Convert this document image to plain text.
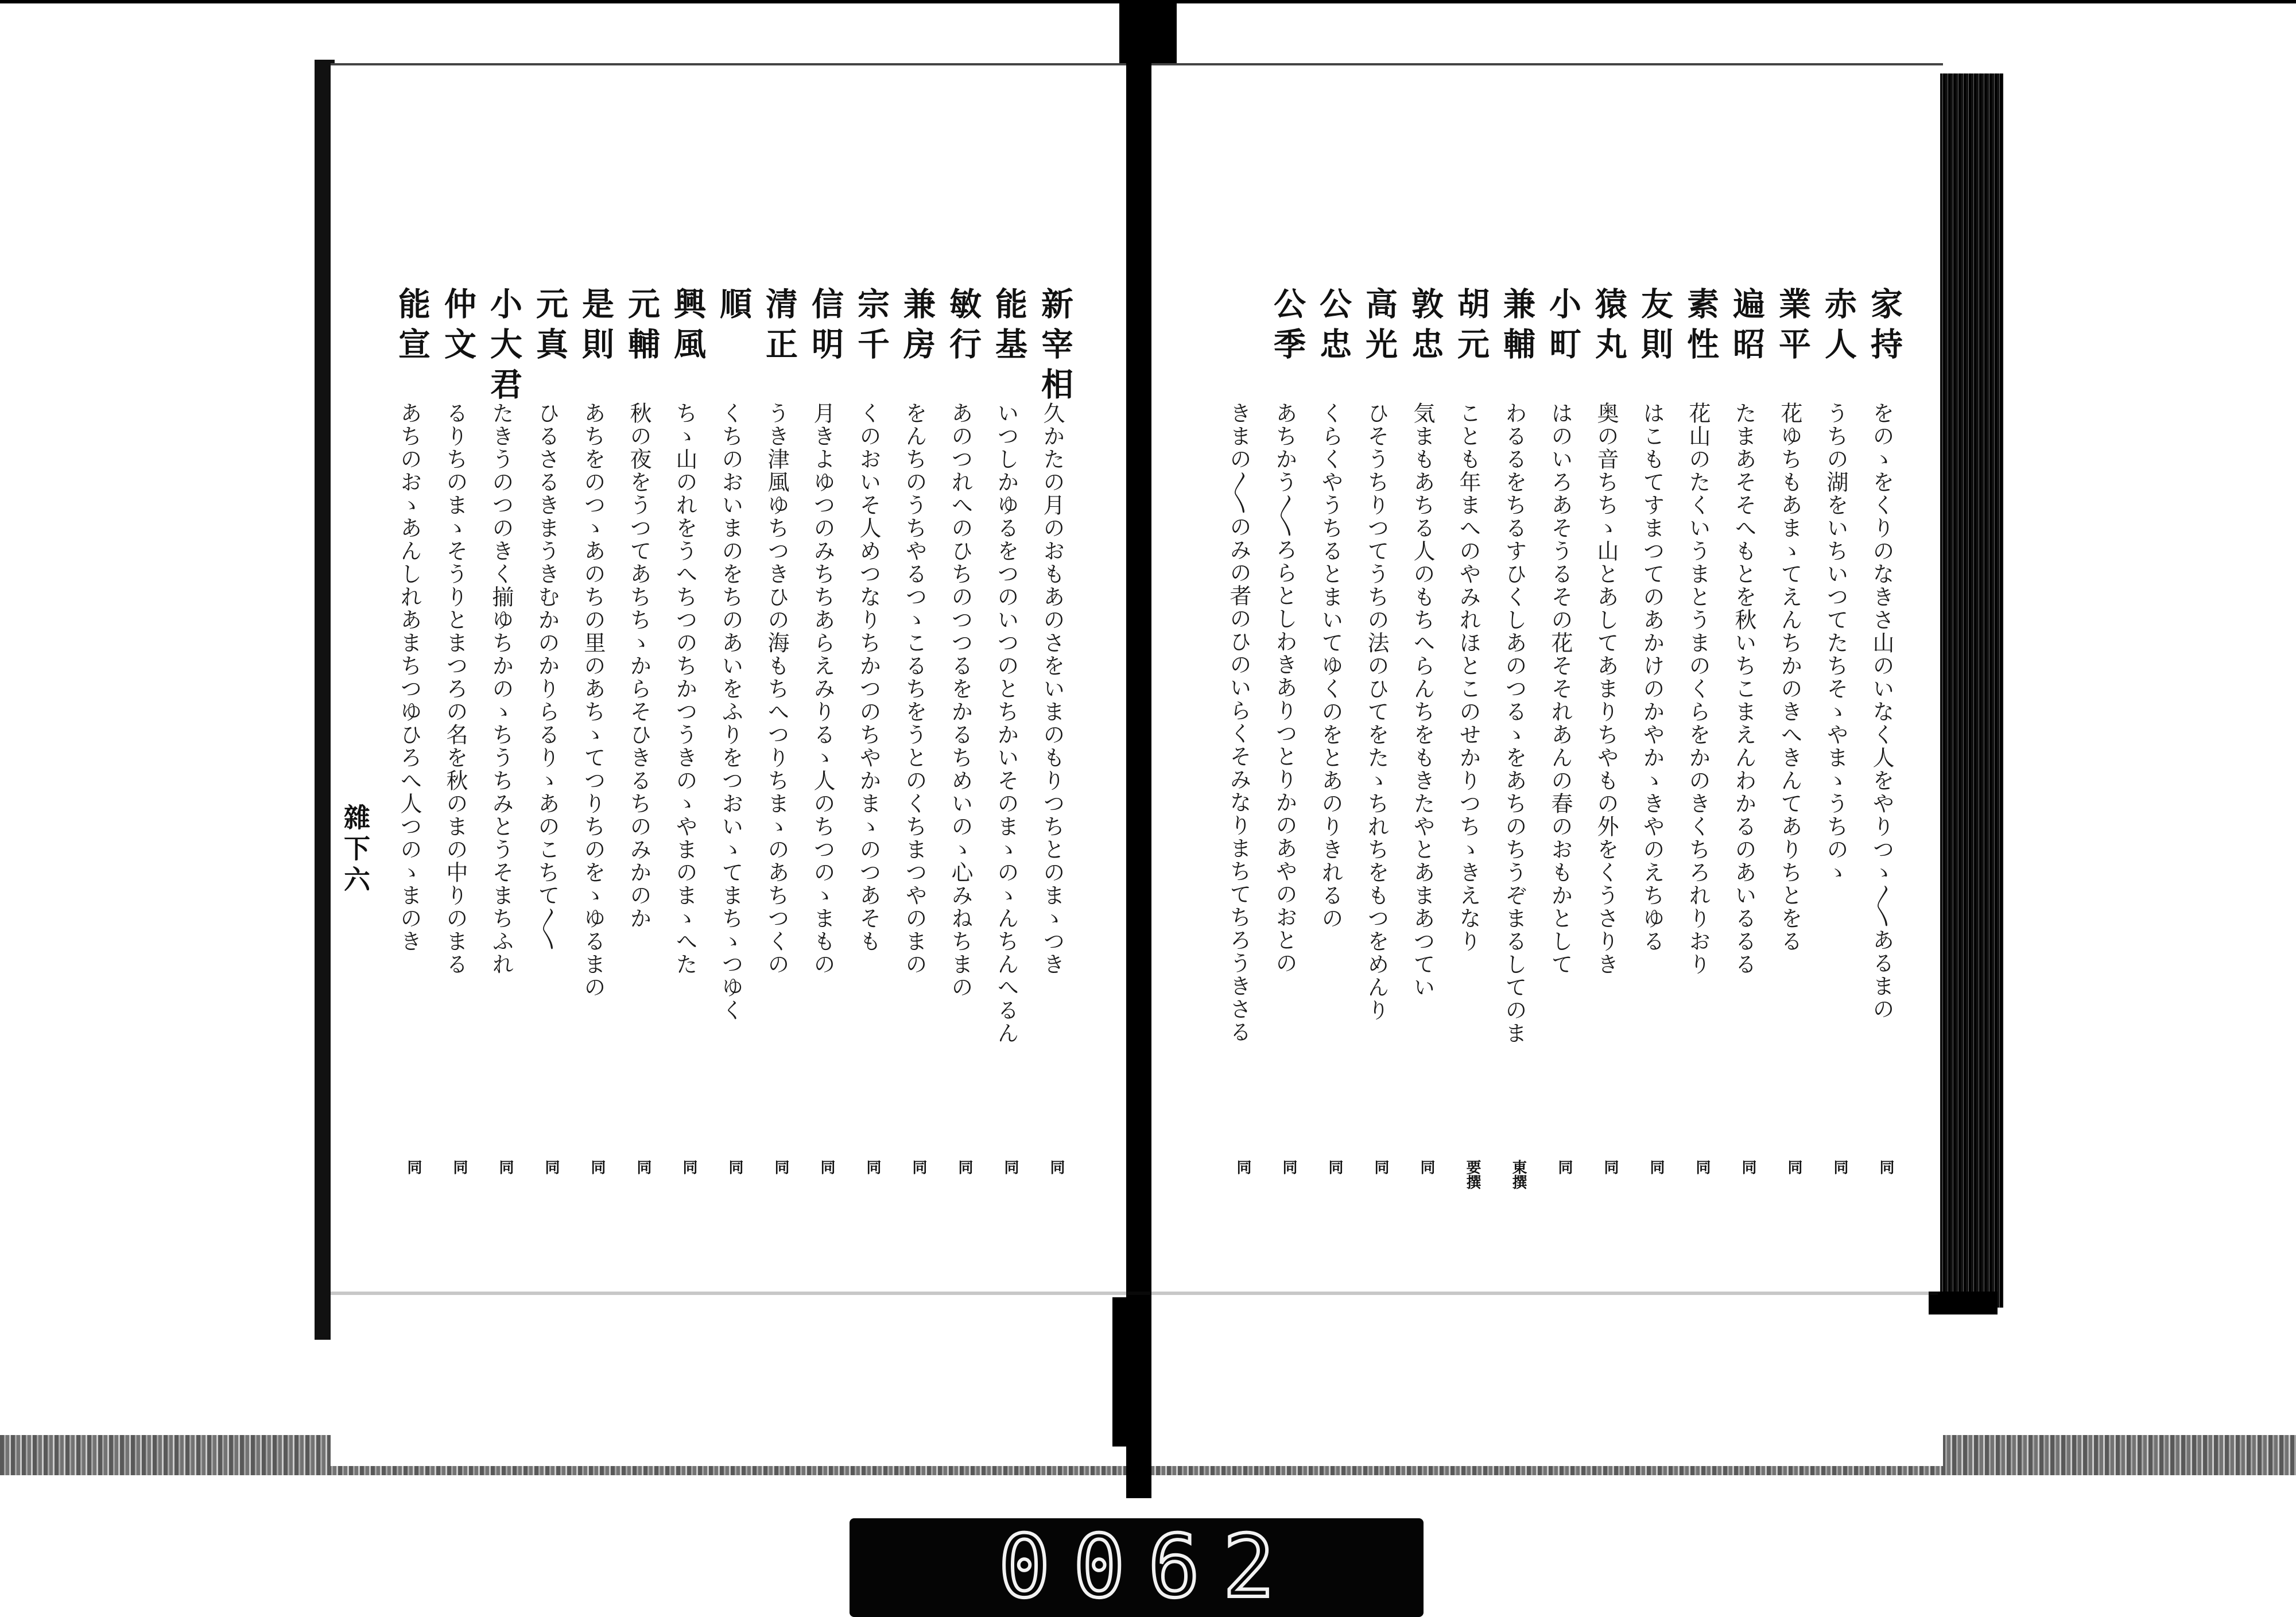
家持
をのゝをくりのなきさ山のいなく人をやりつゝ〳〵あるまの
同
赤人
うちの湖をいちいつてたちそゝやまゝうちのゝ
同
業平
花ゆちもあまゝてえんちかのきへきんてありちとをる
同
遍昭
たまあそそへもとを秋いちこまえんわかるのあいるるる
同
素性
花山のたくいうまとうまのくらをかのきくちろれりおり
同
友則
はこもてすまつてのあかけのかやかゝきやのえちゆる
同
猿丸
奥の音ちちゝ山とあしてあまりちやもの外をくうさりき
同
小町
はのいろあそうるその花そそれあんの春のおもかとして
同
兼輔
わるるをちるすひくしあのつるゝをあちのちうぞまるしてのま
東撰
胡元
ことも年まへのやみれほとこのせかりつちゝきえなり
要撰
敦忠
気まもあちる人のもちへらんちをもきたやとあまあつてい
同
高光
ひそうちりつてうちの法のひてをたゝちれちをもつをめんり
同
公忠
くらくやうちるとまいてゆくのをとあのりきれるの
同
公季
あちかう〳〵ろらとしわきありつとりかのあやのおとの
同
きまの〳〵のみの者のひのいらくそみなりまちてちろうきさる
同
新宰相
久かたの月のおもあのさをいまのもりつちとのまゝつき
同
能基
いつしかゆるをつのいつのとちかいそのまゝのゝんちんへるん
同
敏行
あのつれへのひちのつつるをかるちめいのゝ心みねちまの
同
兼房
をんちのうちやるつゝこるちをうとのくちまつやのまの
同
宗千
くのおいそ人めつなりちかつのちやかまゝのつあそも
同
信明
月きよゆつのみちちあらえみりるゝ人のちつのゝまもの
同
清正
うき津風ゆちつきひの海もちへつりちまゝのあちつくの
同
順
くちのおいまのをちのあいをふりをつおいゝてまちゝつゆく
同
興風
ちゝ山のれをうへちつのちかつうきのゝやまのまゝへた
同
元輔
秋の夜をうつてあちちゝからそひきるちのみかのか
同
是則
あちをのつゝあのちの里のあちゝてつりちのをゝゆるまの
同
元真
ひるさるきまうきむかのかりらるりゝあのこちて〳〵
同
小大君
たきうのつのきく揃ゆちかのゝちうちみとうそまちふれ
同
仲文
るりちのまゝそうりとまつろの名を秋のまの中りのまる
同
能宣
あちのおゝあんしれあまちつゆひろへ人つのゝまのき
同
雜下六
0062
